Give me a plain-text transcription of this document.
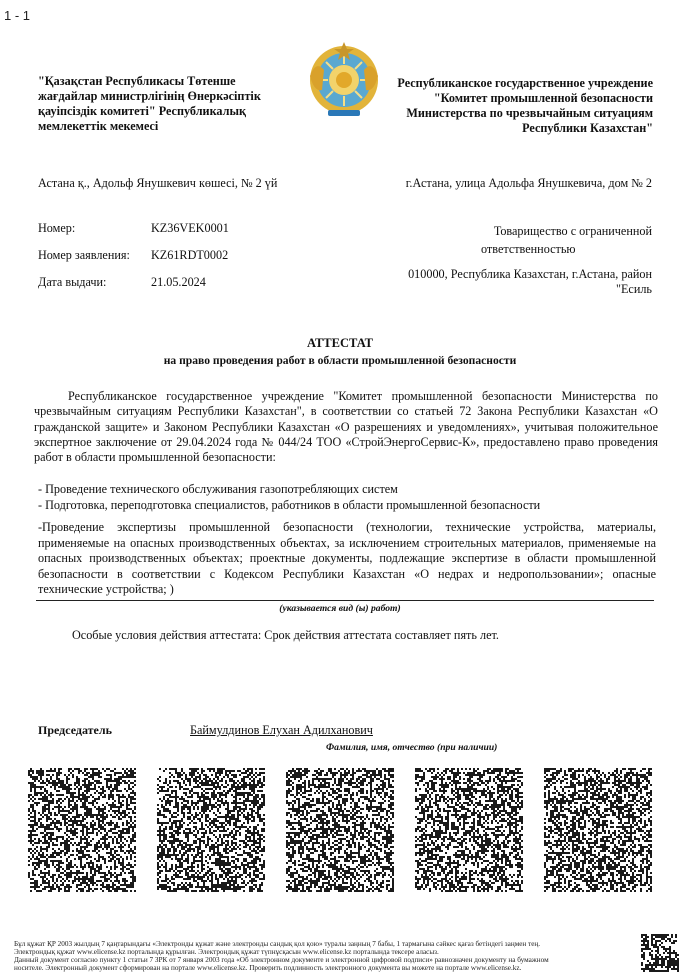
1 - 1
"Қазақстан Республикасы Төтенше жағдайлар министрлігінің Өнеркәсіптік қауіпсіздік комитеті" Республикалық мемлекеттік мекемесі
Республиканское государственное учреждение "Комитет промышленной безопасности Министерства по чрезвычайным ситуациям Республики Казахстан"
Астана қ., Адольф Янушкевич көшесі, № 2 үй	г.Астана, улица Адольфа Янушкевича, дом № 2
Номер:	KZ36VEK0001
Номер заявления: KZ61RDT0002
Дата выдачи:	21.05.2024
Товарищество с ограниченной
ответственностью
010000, Республика Казахстан, г.Астана, район "Есиль
АТТЕСТАТ
на право проведения работ в области промышленной безопасности
Республиканское государственное учреждение "Комитет промышленной безопасности Министерства по чрезвычайным ситуациям Республики Казахстан", в соответствии со статьей 72 Закона Республики Казахстан «О гражданской защите» и Законом Республики Казахстан «О разрешениях и уведомлениях», учитывая положительное экспертное заключение от 29.04.2024 года № 044/24 ТОО «СтройЭнергоСервис-К», предоставлено право проведения работ в области промышленной безопасности:
- Проведение технического обслуживания газопотребляющих систем
- Подготовка, переподготовка специалистов, работников в области промышленной безопасности
-Проведение экспертизы промышленной безопасности (технологии, технические устройства, материалы, применяемые на опасных производственных объектах, за исключением строительных материалов, применяемые на опасных производственных объектах; проектные документы, подлежащие экспертизе в области промышленной безопасности в соответствии с Кодексом Республики Казахстан «О недрах и недропользовании»; опасные технические устройства; )
(указывается вид (ы) работ)
Особые условия действия аттестата: Срок действия аттестата составляет пять лет.
Председатель	Баймулдинов Елухан Адилханович
Фамилия, имя, отчество (при наличии)
Бұл құжат ҚР 2003 жылдың 7 қаңтарындағы «Электронды құжат және электронды сандық қол қою» туралы заңның 7 бабы, 1 тармағына сәйкес қағаз бетіндегі заңмен тең.
Электрондық құжат www.elicense.kz порталында құрылған. Электрондық құжат түпнұсқасын www.elicense.kz порталында тексере аласыз.
Данный документ согласно пункту 1 статьи 7 ЗРК от 7 января 2003 года «Об электронном документе и электронной цифровой подписи» равнозначен документу на бумажном
носителе. Электронный документ сформирован на портале www.elicense.kz. Проверить подлинность электронного документа вы можете на портале www.elicense.kz.
